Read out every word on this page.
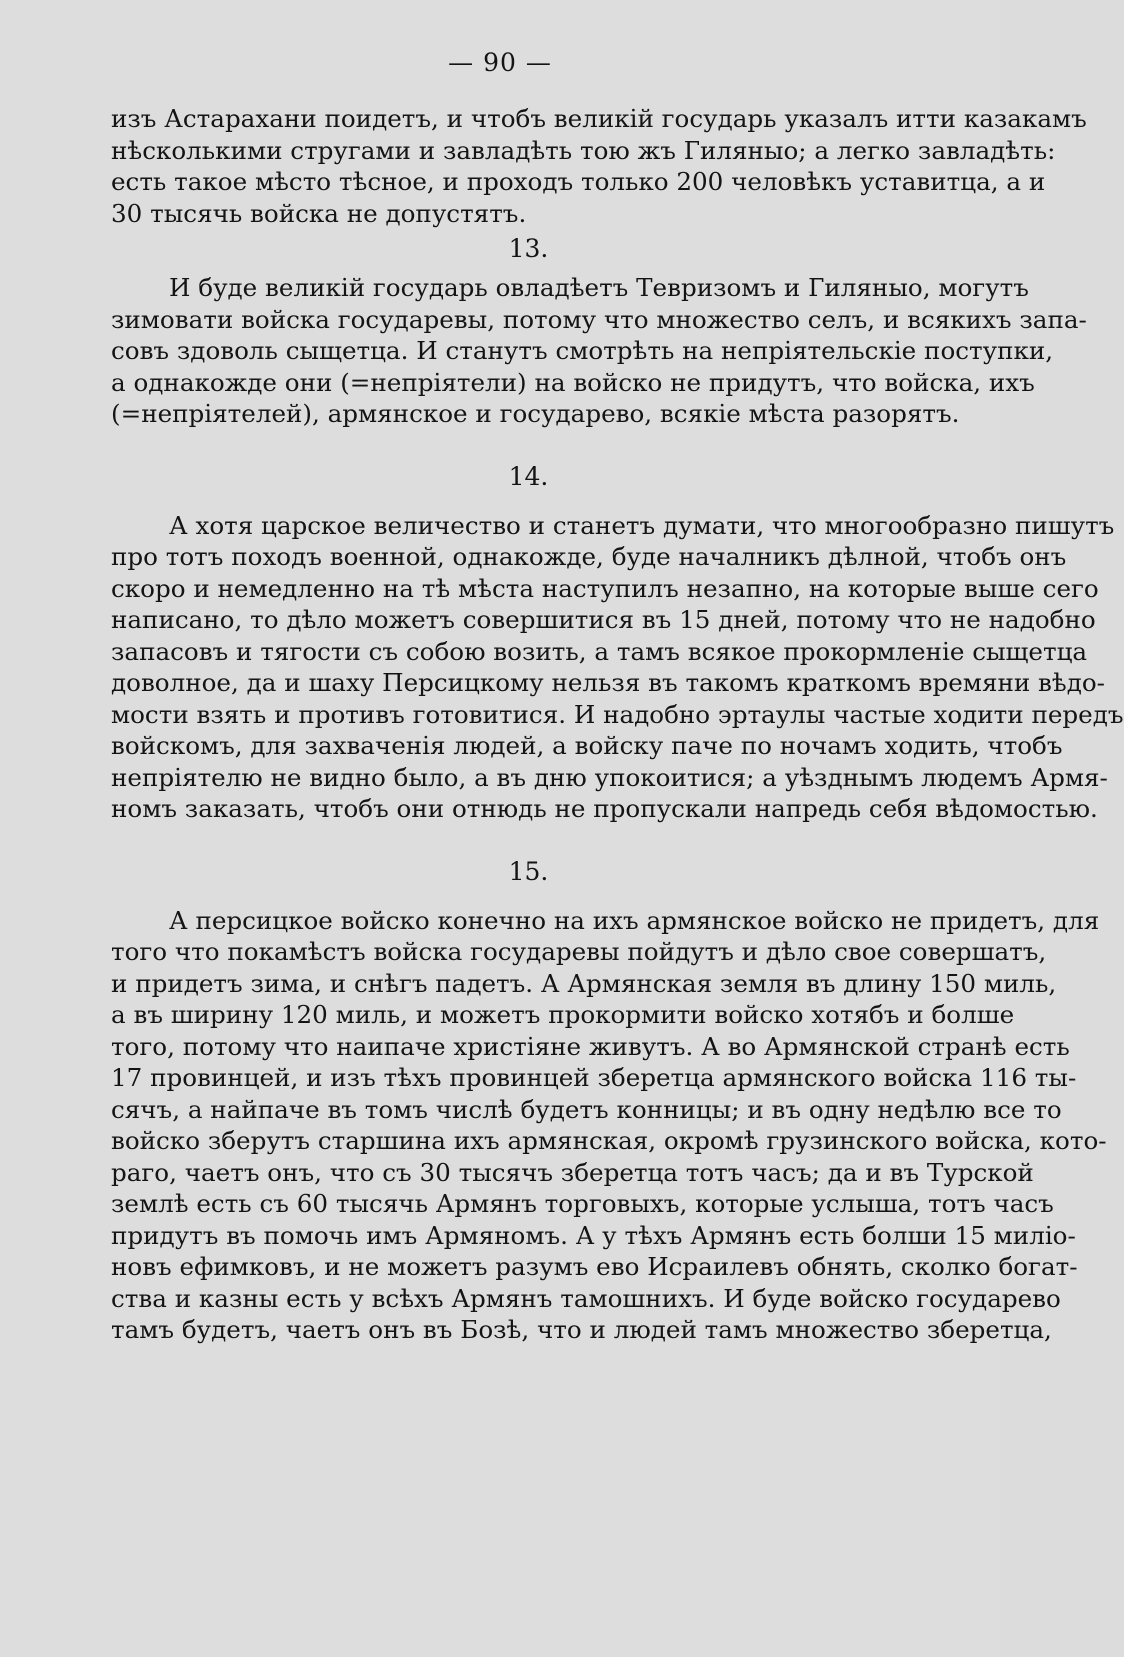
— 90 —
изъ Астарахани поидетъ, и чтобъ великій государь указалъ итти казакамъ
нѣсколькими стругами и завладѣть тою жъ Гиляныо; а легко завладѣть:
есть такое мѣсто тѣсное, и проходъ только 200 человѣкъ уставитца, а и
30 тысячь войска не допустятъ.
13.
И буде великій государь овладѣетъ Тевризомъ и Гиляныо, могутъ
зимовати войска государевы, потому что множество селъ, и всякихъ запа-
совъ здоволь сыщетца. И станутъ смотрѣть на непріятельскіе поступки,
а однакожде они (=непріятели) на войско не придутъ, что войска, ихъ
(=непріятелей), армянское и государево, всякіе мѣста разорятъ.
14.
А хотя царское величество и станетъ думати, что многообразно пишутъ
про тотъ походъ военной, однакожде, буде началникъ дѣлной, чтобъ онъ
скоро и немедленно на тѣ мѣста наступилъ незапно, на которые выше сего
написано, то дѣло можетъ совершитися въ 15 дней, потому что не надобно
запасовъ и тягости съ собою возить, а тамъ всякое прокормленіе сыщетца
доволное, да и шаху Персицкому нельзя въ такомъ краткомъ времяни вѣдо-
мости взять и противъ готовитися. И надобно эртаулы частые ходити передъ
войскомъ, для захваченія людей, а войску паче по ночамъ ходить, чтобъ
непріятелю не видно было, а въ дню упокоитися; а уѣзднымъ людемъ Армя-
номъ заказать, чтобъ они отнюдь не пропускали напредь себя вѣдомостью.
15.
А персицкое войско конечно на ихъ армянское войско не придетъ, для
того что покамѣстъ войска государевы пойдутъ и дѣло свое совершатъ,
и придетъ зима, и снѣгъ падетъ. А Армянская земля въ длину 150 миль,
а въ ширину 120 миль, и можетъ прокормити войско хотябъ и болше
того, потому что наипаче христіяне живутъ. А во Армянской странѣ есть
17 провинцей, и изъ тѣхъ провинцей зберетца армянского войска 116 ты-
сячъ, а найпаче въ томъ числѣ будетъ конницы; и въ одну недѣлю все то
войско зберутъ старшина ихъ армянская, окромѣ грузинского войска, кото-
раго, чаетъ онъ, что съ 30 тысячъ зберетца тотъ часъ; да и въ Турской
землѣ есть съ 60 тысячь Армянъ торговыхъ, которые услыша, тотъ часъ
придутъ въ помочь имъ Армяномъ. А у тѣхъ Армянъ есть болши 15 миліо-
новъ ефимковъ, и не можетъ разумъ ево Исраилевъ обнять, сколко богат-
ства и казны есть у всѣхъ Армянъ тамошнихъ. И буде войско государево
тамъ будетъ, чаетъ онъ въ Бозѣ, что и людей тамъ множество зберетца,
